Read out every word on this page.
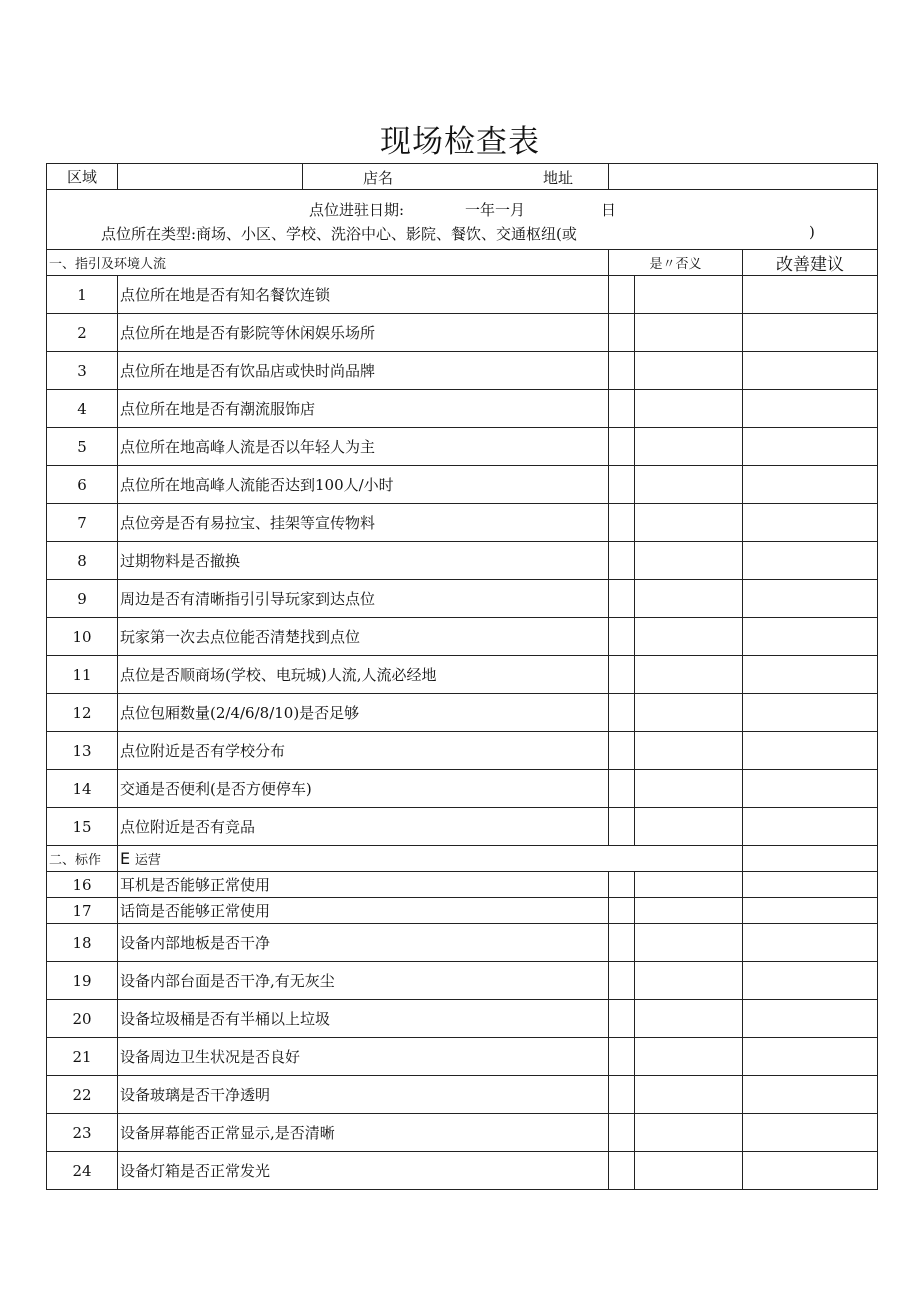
现场检查表
区域		店名 地址			

点位进驻日期: 一年一月 日
点位所在类型:商场、小区、学校、洗浴中心、影院、餐饮、交通枢纽(或 )					

一、指引及环境人流			是〃否义		改善建议
1	点位所在地是否有知名餐饮连锁				
2	点位所在地是否有影院等休闲娱乐场所				
3	点位所在地是否有饮品店或快时尚品牌				
4	点位所在地是否有潮流服饰店				
5	点位所在地高峰人流是否以年轻人为主				
6	点位所在地高峰人流能否达到100人/小时				
7	点位旁是否有易拉宝、挂架等宣传物料				
8	过期物料是否撤换				
9	周边是否有清晰指引引导玩家到达点位				
10	玩家第一次去点位能否清楚找到点位				
11	点位是否顺商场(学校、电玩城)人流,人流必经地				
12	点位包厢数量(2/4/6/8/10)是否足够				
13	点位附近是否有学校分布				
14	交通是否便利(是否方便停车)				
15	点位附近是否有竞品				
二、标作	E 运营				
16	耳机是否能够正常使用				
17	话筒是否能够正常使用				
18	设备内部地板是否干净				
19	设备内部台面是否干净,有无灰尘				
20	设备垃圾桶是否有半桶以上垃圾				
21	设备周边卫生状况是否良好				
22	设备玻璃是否干净透明				
23	设备屏幕能否正常显示,是否清晰				
24	设备灯箱是否正常发光				
